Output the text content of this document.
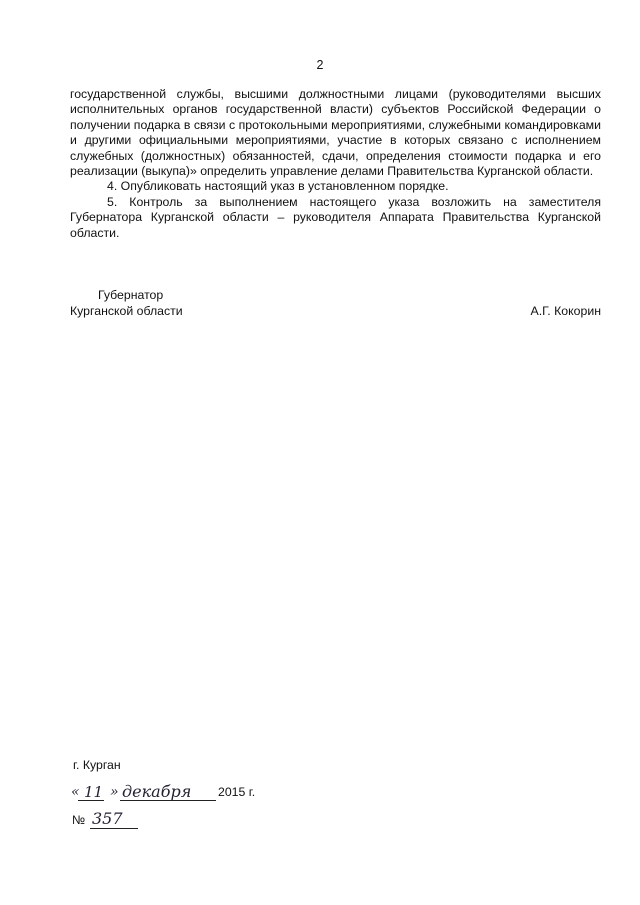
2

государственной службы, высшими должностными лицами (руководителями высших исполнительных органов государственной власти) субъектов Российской Федерации о получении подарка в связи с протокольными мероприятиями, служебными командировками и другими официальными мероприятиями, участие в которых связано с исполнением служебных (должностных) обязанностей, сдачи, определения стоимости подарка и его реализации (выкупа)» определить управление делами Правительства Курганской области.

4. Опубликовать настоящий указ в установленном порядке.

5. Контроль за выполнением настоящего указа возложить на заместителя Губернатора Курганской области – руководителя Аппарата Правительства Курганской области.

Губернатор
Курганской области	А.Г. Кокорин
г. Курган
« 11 » декабря 2015 г.
№ 357
